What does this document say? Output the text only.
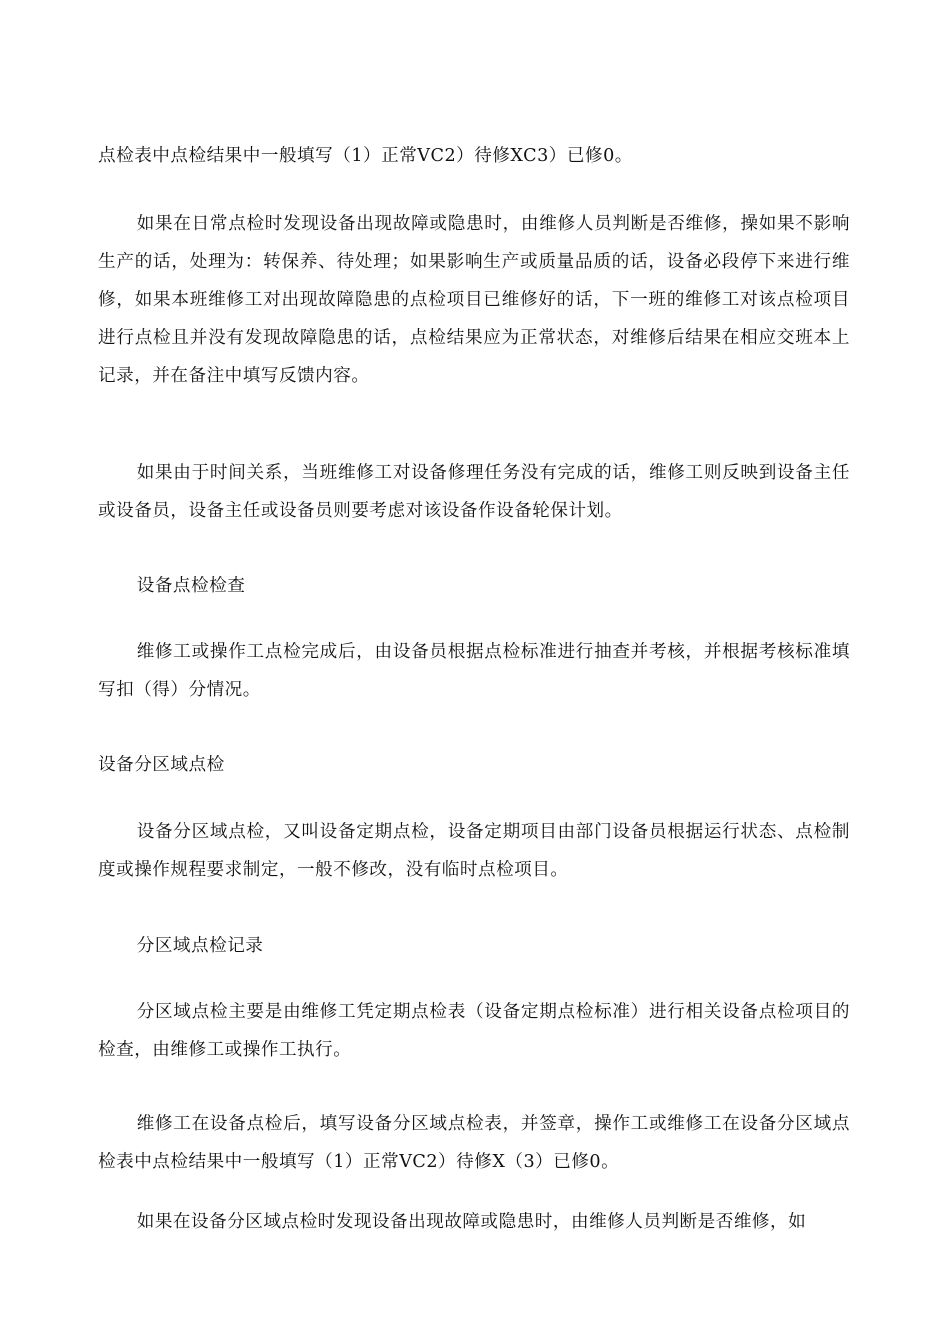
点检表中点检结果中一般填写（1）正常VC2）待修XC3）已修0。

如果在日常点检时发现设备出现故障或隐患时，由维修人员判断是否维修，操如果不影响生产的话，处理为：转保养、待处理；如果影响生产或质量品质的话，设备必段停下来进行维修，如果本班维修工对出现故障隐患的点检项目已维修好的话，下一班的维修工对该点检项目进行点检且并没有发现故障隐患的话，点检结果应为正常状态，对维修后结果在相应交班本上记录，并在备注中填写反馈内容。

如果由于时间关系，当班维修工对设备修理任务没有完成的话，维修工则反映到设备主任或设备员，设备主任或设备员则要考虑对该设备作设备轮保计划。

设备点检检查

维修工或操作工点检完成后，由设备员根据点检标准进行抽查并考核，并根据考核标准填写扣（得）分情况。

设备分区域点检

设备分区域点检，又叫设备定期点检，设备定期项目由部门设备员根据运行状态、点检制度或操作规程要求制定，一般不修改，没有临时点检项目。

分区域点检记录

分区域点检主要是由维修工凭定期点检表（设备定期点检标准）进行相关设备点检项目的检查，由维修工或操作工执行。

维修工在设备点检后，填写设备分区域点检表，并签章，操作工或维修工在设备分区域点检表中点检结果中一般填写（1）正常VC2）待修X（3）已修0。

如果在设备分区域点检时发现设备出现故障或隐患时，由维修人员判断是否维修，如
